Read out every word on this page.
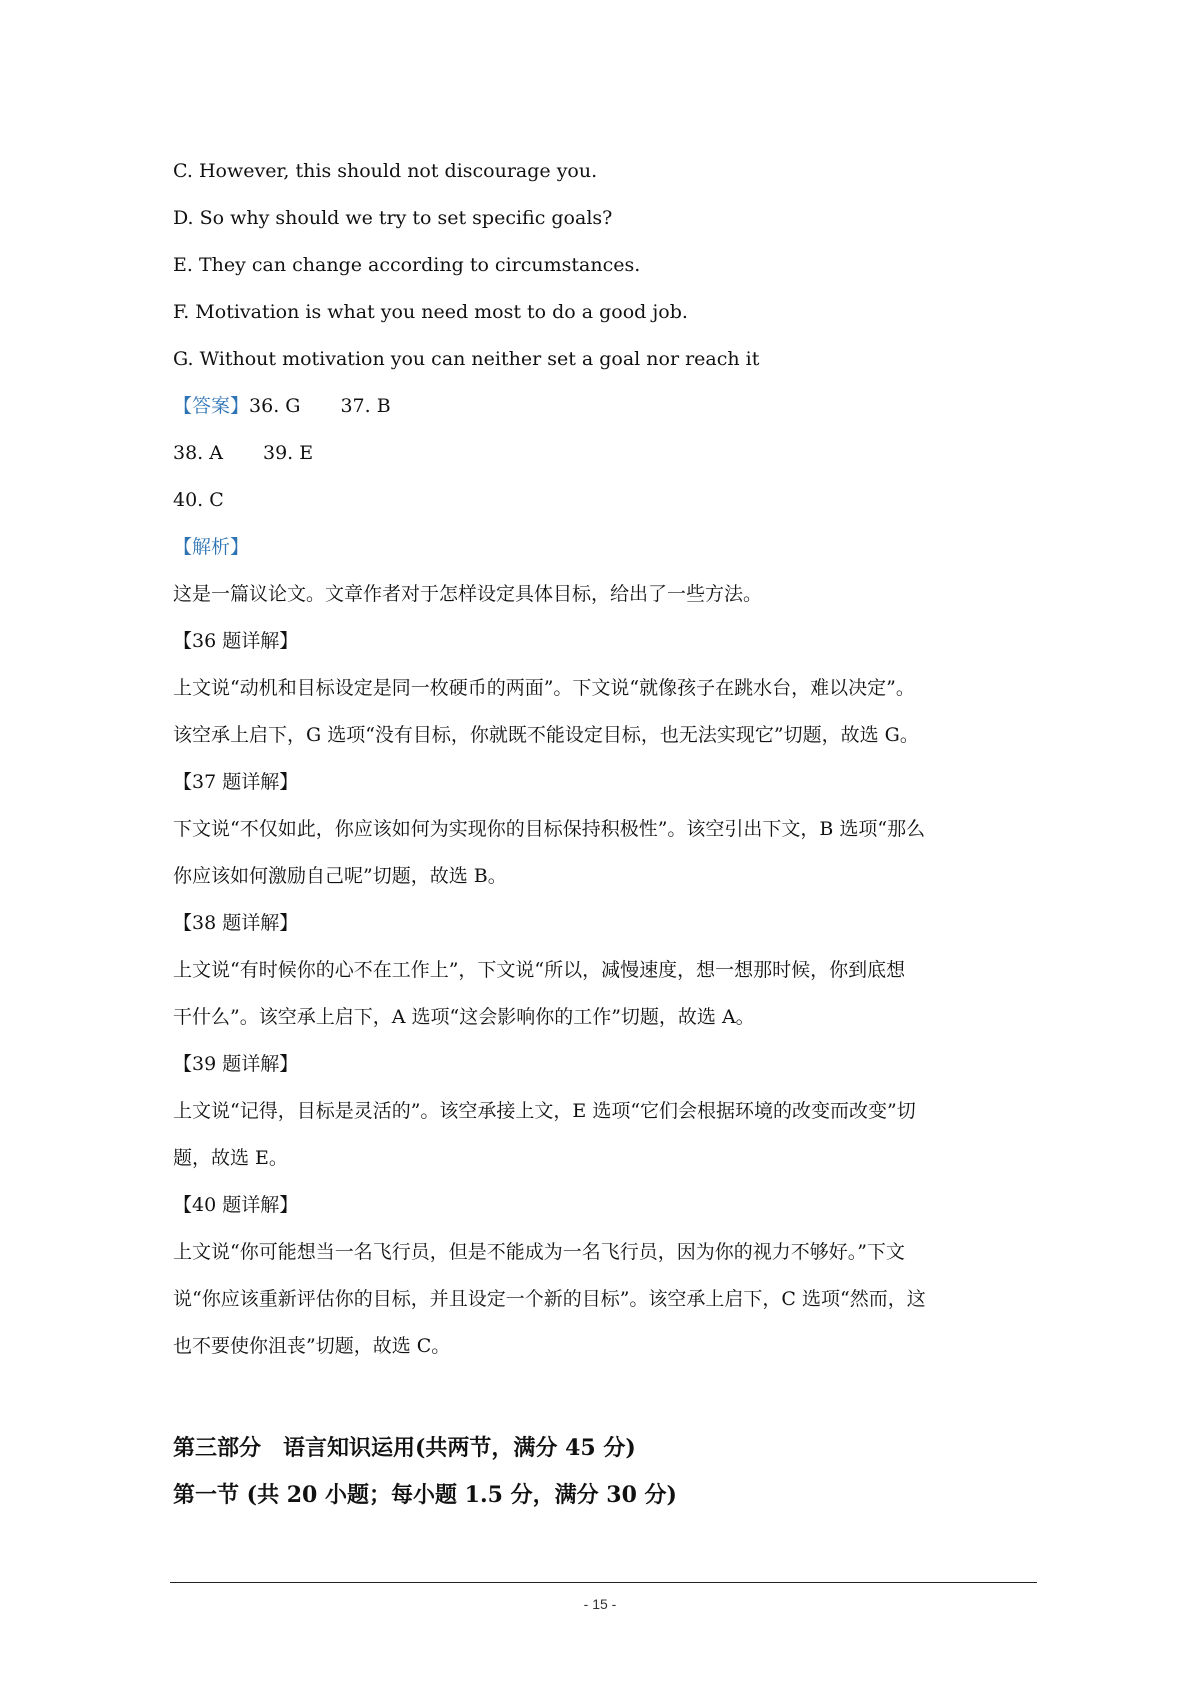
C. However, this should not discourage you.
D. So why should we try to set specific goals?
E. They can change according to circumstances.
F. Motivation is what you need most to do a good job.
G. Without motivation you can neither set a goal nor reach it
【答案】36. G 37. B
38. A 39. E
40. C
【解析】
这是一篇议论文。文章作者对于怎样设定具体目标，给出了一些方法。
【36 题详解】
上文说“动机和目标设定是同一枚硬币的两面”。下文说“就像孩子在跳水台，难以决定”。
该空承上启下，G 选项“没有目标，你就既不能设定目标，也无法实现它”切题，故选 G。
【37 题详解】
下文说“不仅如此，你应该如何为实现你的目标保持积极性”。该空引出下文，B 选项“那么
你应该如何激励自己呢”切题，故选 B。
【38 题详解】
上文说“有时候你的心不在工作上”，下文说“所以，减慢速度，想一想那时候，你到底想
干什么”。该空承上启下，A 选项“这会影响你的工作”切题，故选 A。
【39 题详解】
上文说“记得，目标是灵活的”。该空承接上文，E 选项“它们会根据环境的改变而改变”切
题，故选 E。
【40 题详解】
上文说“你可能想当一名飞行员，但是不能成为一名飞行员，因为你的视力不够好。”下文
说“你应该重新评估你的目标，并且设定一个新的目标”。该空承上启下，C 选项“然而，这
也不要使你沮丧”切题，故选 C。
第三部分　语言知识运用(共两节，满分 45 分)
第一节 (共 20 小题；每小题 1.5 分，满分 30 分)
- 15 -
